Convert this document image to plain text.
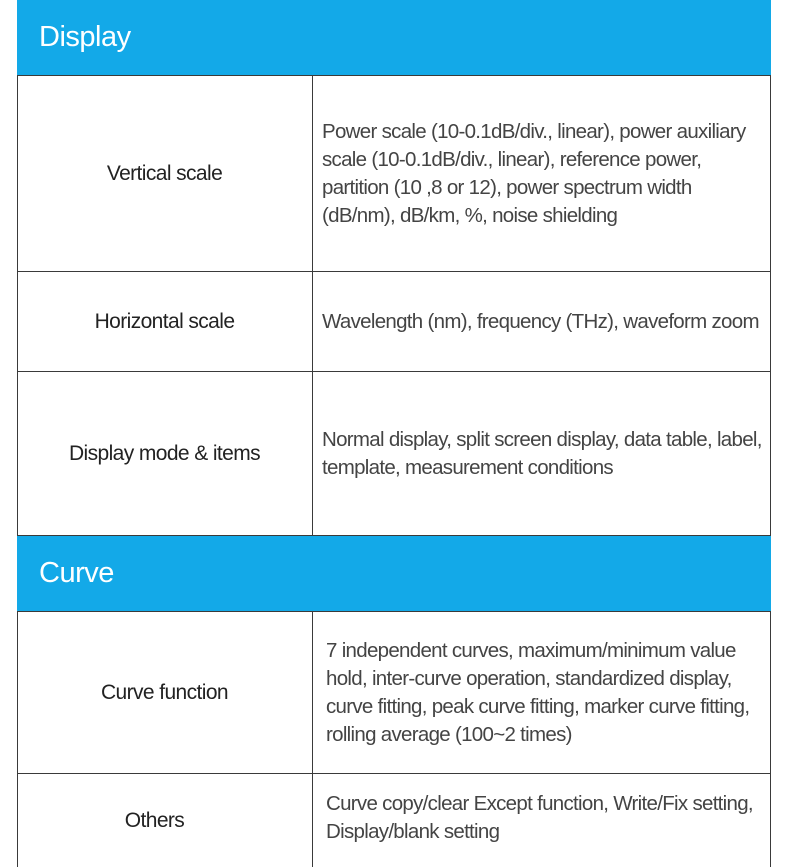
Display
Vertical scale
Power scale (10-0.1dB/div., linear), power auxiliary scale (10-0.1dB/div., linear), reference power, partition (10 ,8 or 12), power spectrum width (dB/nm), dB/km, %, noise shielding
Horizontal scale	Wavelength (nm), frequency (THz), waveform zoom
Display mode & items
Normal display, split screen display, data table, label, template, measurement conditions
Curve
Curve function
7 independent curves, maximum/minimum value hold, inter-curve operation, standardized display, curve fitting, peak curve fitting, marker curve fitting, rolling average (100~2 times)
Others
Curve copy/clear Except function, Write/Fix setting, Display/blank setting
